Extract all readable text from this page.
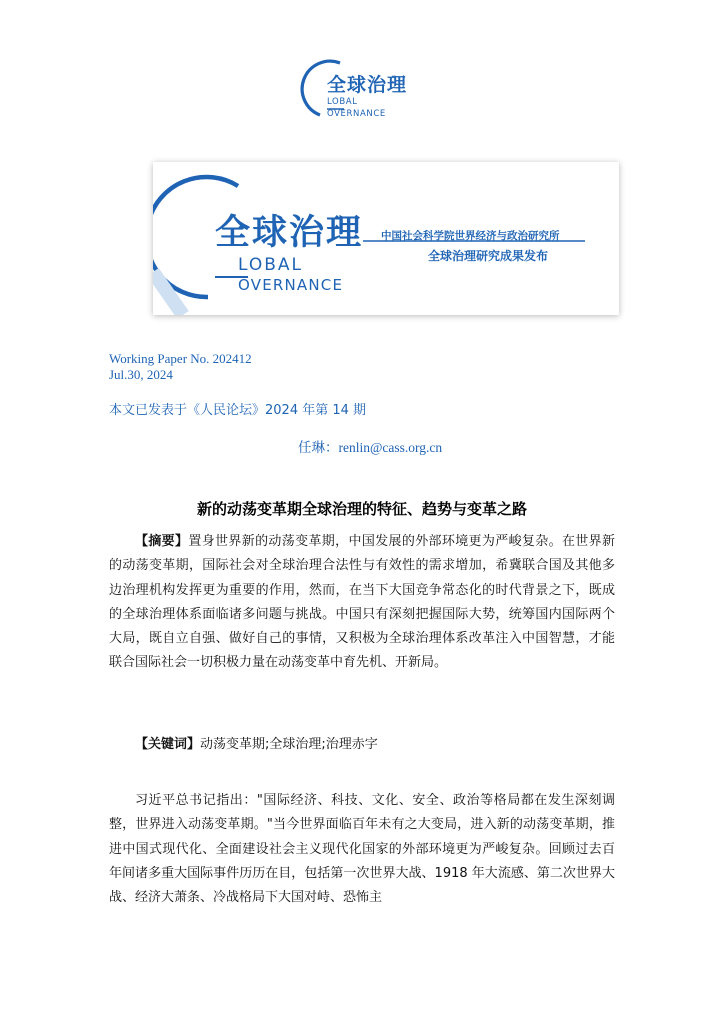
全球治理
LOBAL
OVERNANCE
全球治理 中国社会科学院世界经济与政治研究所
全球治理研究成果发布
LOBAL
OVERNANCE
Working Paper No. 202412
Jul.30, 2024
本文已发表于《人民论坛》2024 年第 14 期
任琳：renlin@cass.org.cn
新的动荡变革期全球治理的特征、趋势与变革之路
【摘要】置身世界新的动荡变革期，中国发展的外部环境更为严峻复杂。在世界新的动荡变革期，国际社会对全球治理合法性与有效性的需求增加，希冀联合国及其他多边治理机构发挥更为重要的作用，然而，在当下大国竞争常态化的时代背景之下，既成的全球治理体系面临诸多问题与挑战。中国只有深刻把握国际大势，统筹国内国际两个大局，既自立自强、做好自己的事情，又积极为全球治理体系改革注入中国智慧，才能联合国际社会一切积极力量在动荡变革中育先机、开新局。
【关键词】动荡变革期;全球治理;治理赤字
习近平总书记指出："国际经济、科技、文化、安全、政治等格局都在发生深刻调整，世界进入动荡变革期。"当今世界面临百年未有之大变局，进入新的动荡变革期，推进中国式现代化、全面建设社会主义现代化国家的外部环境更为严峻复杂。回顾过去百年间诸多重大国际事件历历在目，包括第一次世界大战、1918 年大流感、第二次世界大战、经济大萧条、冷战格局下大国对峙、恐怖主
